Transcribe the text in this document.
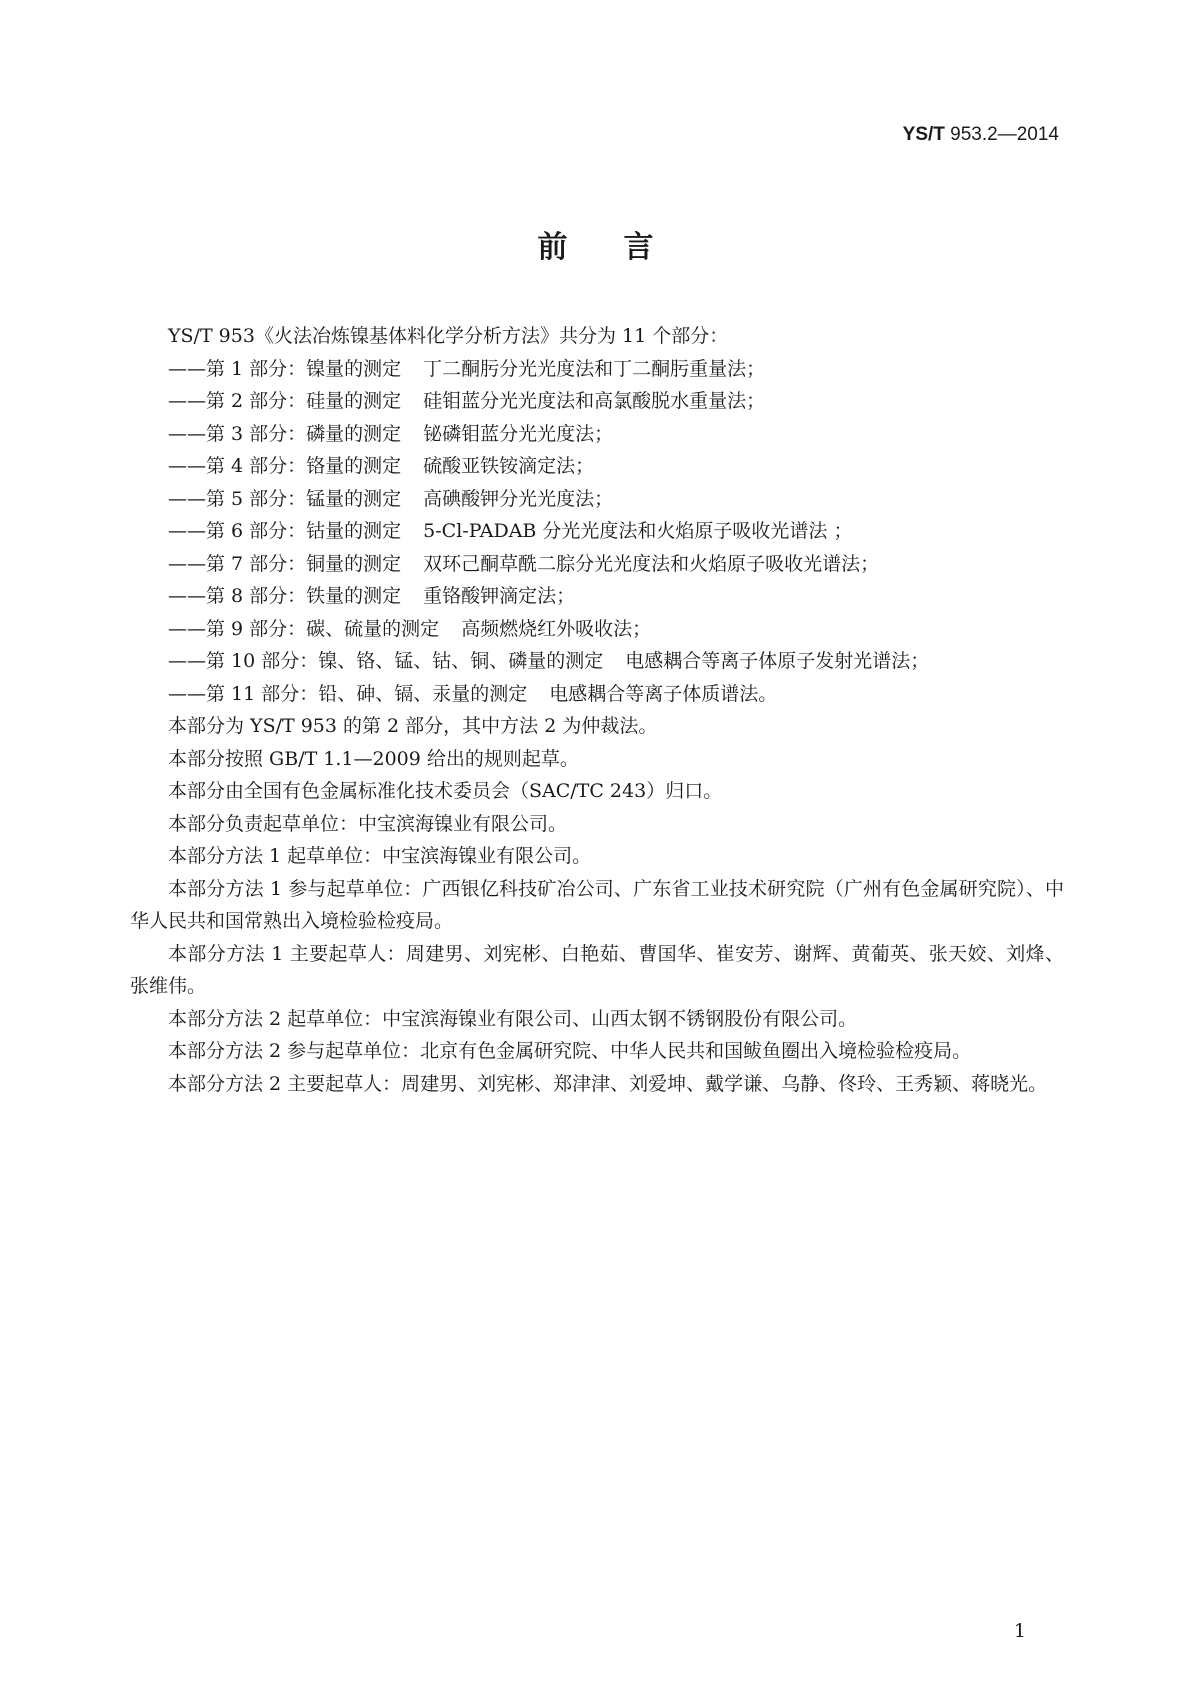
YS/T 953.2—2014
前言

YS/T 953《火法冶炼镍基体料化学分析方法》共分为 11 个部分：

——第 1 部分：镍量的测定 丁二酮肟分光光度法和丁二酮肟重量法；

——第 2 部分：硅量的测定 硅钼蓝分光光度法和高氯酸脱水重量法；

——第 3 部分：磷量的测定 铋磷钼蓝分光光度法；

——第 4 部分：铬量的测定 硫酸亚铁铵滴定法；

——第 5 部分：锰量的测定 高碘酸钾分光光度法；

——第 6 部分：钴量的测定 5-Cl-PADAB 分光光度法和火焰原子吸收光谱法 ；

——第 7 部分：铜量的测定 双环己酮草酰二腙分光光度法和火焰原子吸收光谱法；

——第 8 部分：铁量的测定 重铬酸钾滴定法；

——第 9 部分：碳、硫量的测定 高频燃烧红外吸收法；

——第 10 部分：镍、铬、锰、钴、铜、磷量的测定 电感耦合等离子体原子发射光谱法；

——第 11 部分：铅、砷、镉、汞量的测定 电感耦合等离子体质谱法。

本部分为 YS/T 953 的第 2 部分，其中方法 2 为仲裁法。

本部分按照 GB/T 1.1—2009 给出的规则起草。

本部分由全国有色金属标准化技术委员会（SAC/TC 243）归口。

本部分负责起草单位：中宝滨海镍业有限公司。

本部分方法 1 起草单位：中宝滨海镍业有限公司。

本部分方法 1 参与起草单位：广西银亿科技矿冶公司、广东省工业技术研究院（广州有色金属研究院）、中华人民共和国常熟出入境检验检疫局。

本部分方法 1 主要起草人：周建男、刘宪彬、白艳茹、曹国华、崔安芳、谢辉、黄葡英、张天姣、刘烽、张维伟。

本部分方法 2 起草单位：中宝滨海镍业有限公司、山西太钢不锈钢股份有限公司。

本部分方法 2 参与起草单位：北京有色金属研究院、中华人民共和国鲅鱼圈出入境检验检疫局。

本部分方法 2 主要起草人：周建男、刘宪彬、郑津津、刘爱坤、戴学谦、乌静、佟玲、王秀颖、蒋晓光。

1
